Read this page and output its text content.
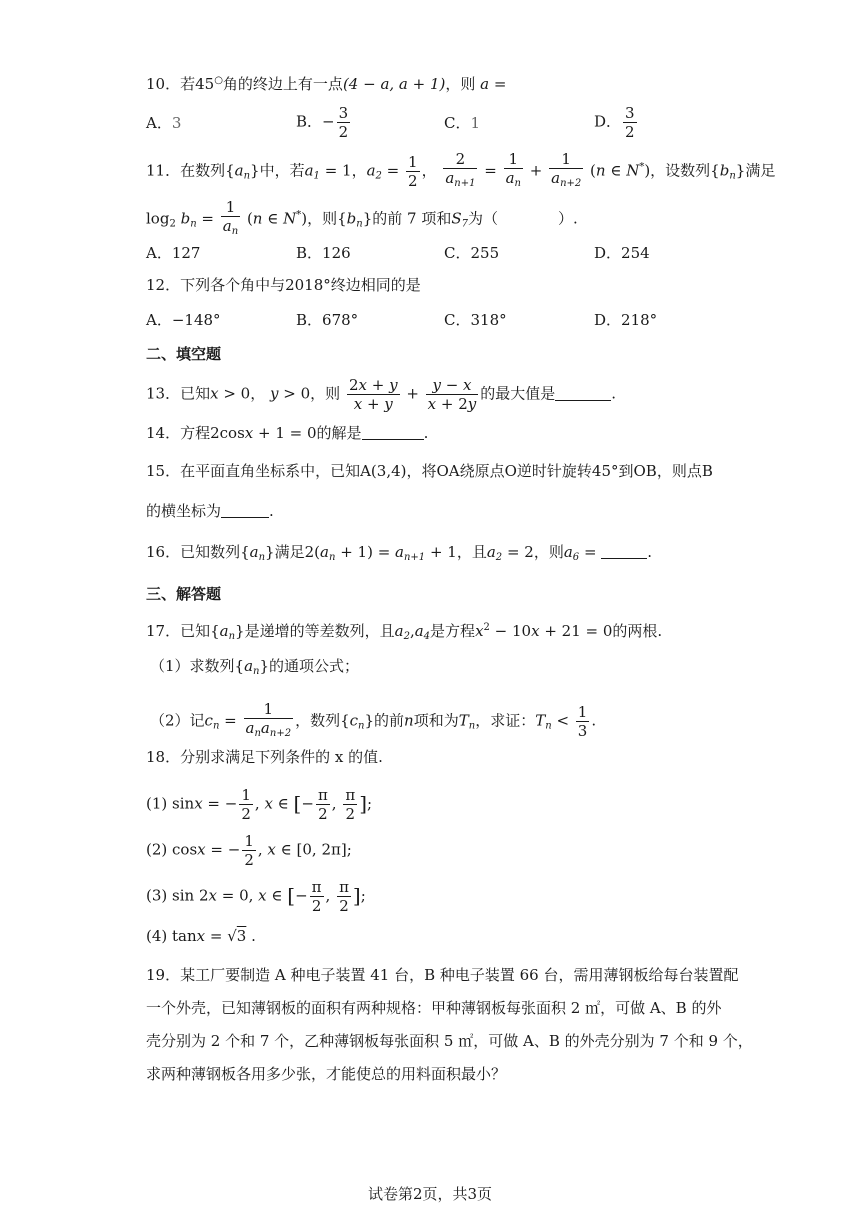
10．若45○角的终边上有一点(4 − a, a + 1)，则 a =
A．3	B．− $\frac{3}{2}$	C．1	D． $\frac{3}{2}$
11．在数列$\{a_n\}$中，若$a_1 = 1$，$a_2 = \frac{1}{2}$ ， $\frac{2}{a_{n+1}} = \frac{1}{a_n} + \frac{1}{a_{n+2}} (n$ ∈ N*)，设数列$\{b_n\}$满足
$\log_2 b_n = \frac{1}{a_n} (n$ ∈ N*)，则$\{b_n\}$的前 7 项和$S_7$为（　　　　）.
A．127	B．126	C．255	D．254
12．下列各个角中与2018°终边相同的是
A．−148°	B．678°	C．318°	D．218°
二、填空题
13．已知x > 0， y > 0，则 $\frac{2x + y}{x + y} + \frac{y - x}{x + 2y}$ 的最大值是	.
14．方程2cosx + 1 = 0的解是	.
15．在平面直角坐标系中，已知A(3,4)，将OA绕原点O逆时针旋转45°到OB，则点B
的横坐标为	.
16．已知数列$\{a_n\}$满足$2(a_n + 1) = a_{n+1} + 1$，且$a_2 = 2$，则$a_6$ =	.
三、解答题
17．已知$\{a_n\}$是递增的等差数列，且$a_2,a_4$是方程$x^2 - 10x + 21 = 0$的两根.
（1）求数列$\{a_n\}$的通项公式；
（2）记$c_n = \frac{1}{a_na_{n+2}}$ ，数列$\{c_n\}$的前n项和为$T_n$，求证：$T_n < \frac{1}{3}$ .
18．分别求满足下列条件的 x 的值.
(1) sinx = − $\frac{1}{2}$ , x ∈ [− $\frac{\pi}{2}$ , $\frac{\pi}{2}$ ];
(2) cosx = − $\frac{1}{2}$ , x ∈ [0, 2π];
(3) sin 2x = 0, x ∈ [− $\frac{\pi}{2}$ , $\frac{\pi}{2}$ ];
(4) tanx = √3 .
19．某工厂要制造 A 种电子装置 41 台，B 种电子装置 66 台，需用薄钢板给每台装置配
一个外壳，已知薄钢板的面积有两种规格：甲种薄钢板每张面积 2 ㎡，可做 A、B 的外
壳分别为 2 个和 7 个，乙种薄钢板每张面积 5 ㎡，可做 A、B 的外壳分别为 7 个和 9 个，
求两种薄钢板各用多少张，才能使总的用料面积最小？
试卷第2页，共3页
